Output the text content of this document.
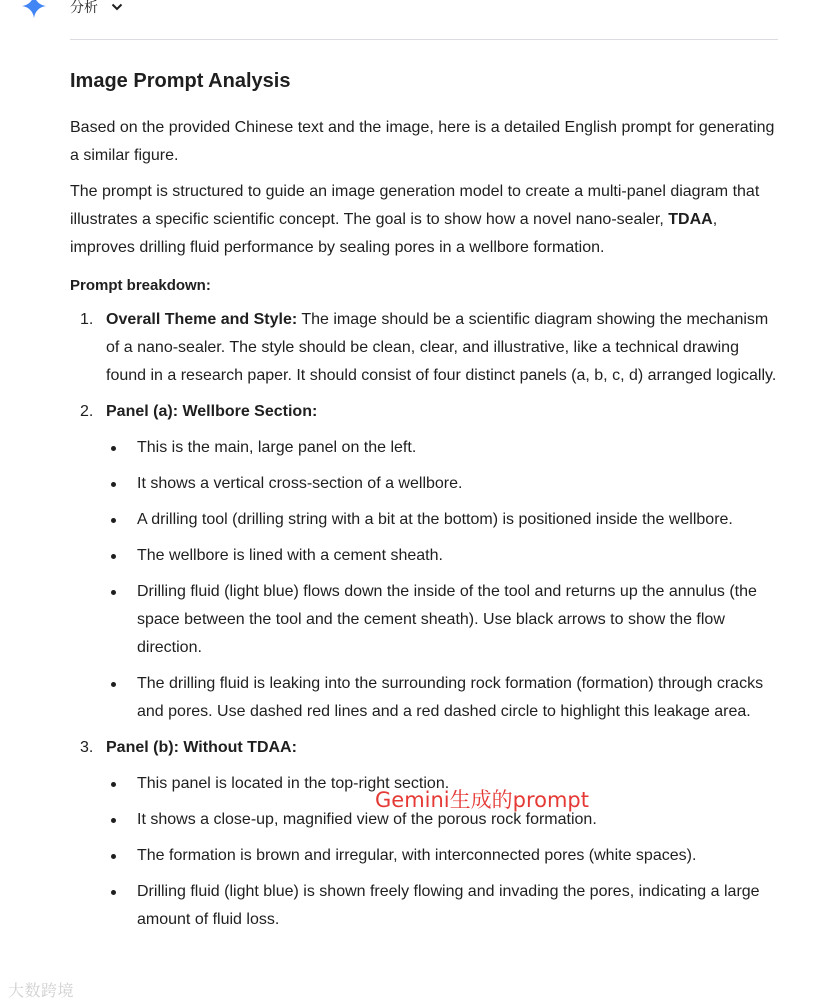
分析
Image Prompt Analysis

Based on the provided Chinese text and the image, here is a detailed English prompt for generating a similar figure.

The prompt is structured to guide an image generation model to create a multi-panel diagram that illustrates a specific scientific concept. The goal is to show how a novel nano-sealer, TDAA, improves drilling fluid performance by sealing pores in a wellbore formation.

Prompt breakdown:

1. Overall Theme and Style: The image should be a scientific diagram showing the mechanism of a nano-sealer. The style should be clean, clear, and illustrative, like a technical drawing found in a research paper. It should consist of four distinct panels (a, b, c, d) arranged logically.
2. Panel (a): Wellbore Section:
This is the main, large panel on the left.
It shows a vertical cross-section of a wellbore.
A drilling tool (drilling string with a bit at the bottom) is positioned inside the wellbore.
The wellbore is lined with a cement sheath.
Drilling fluid (light blue) flows down the inside of the tool and returns up the annulus (the space between the tool and the cement sheath). Use black arrows to show the flow direction.
The drilling fluid is leaking into the surrounding rock formation (formation) through cracks and pores. Use dashed red lines and a red dashed circle to highlight this leakage area.
3. Panel (b): Without TDAA:
This panel is located in the top-right section.
It shows a close-up, magnified view of the porous rock formation.
The formation is brown and irregular, with interconnected pores (white spaces).
Drilling fluid (light blue) is shown freely flowing and invading the pores, indicating a large amount of fluid loss.
Gemini生成的prompt
大数跨境
